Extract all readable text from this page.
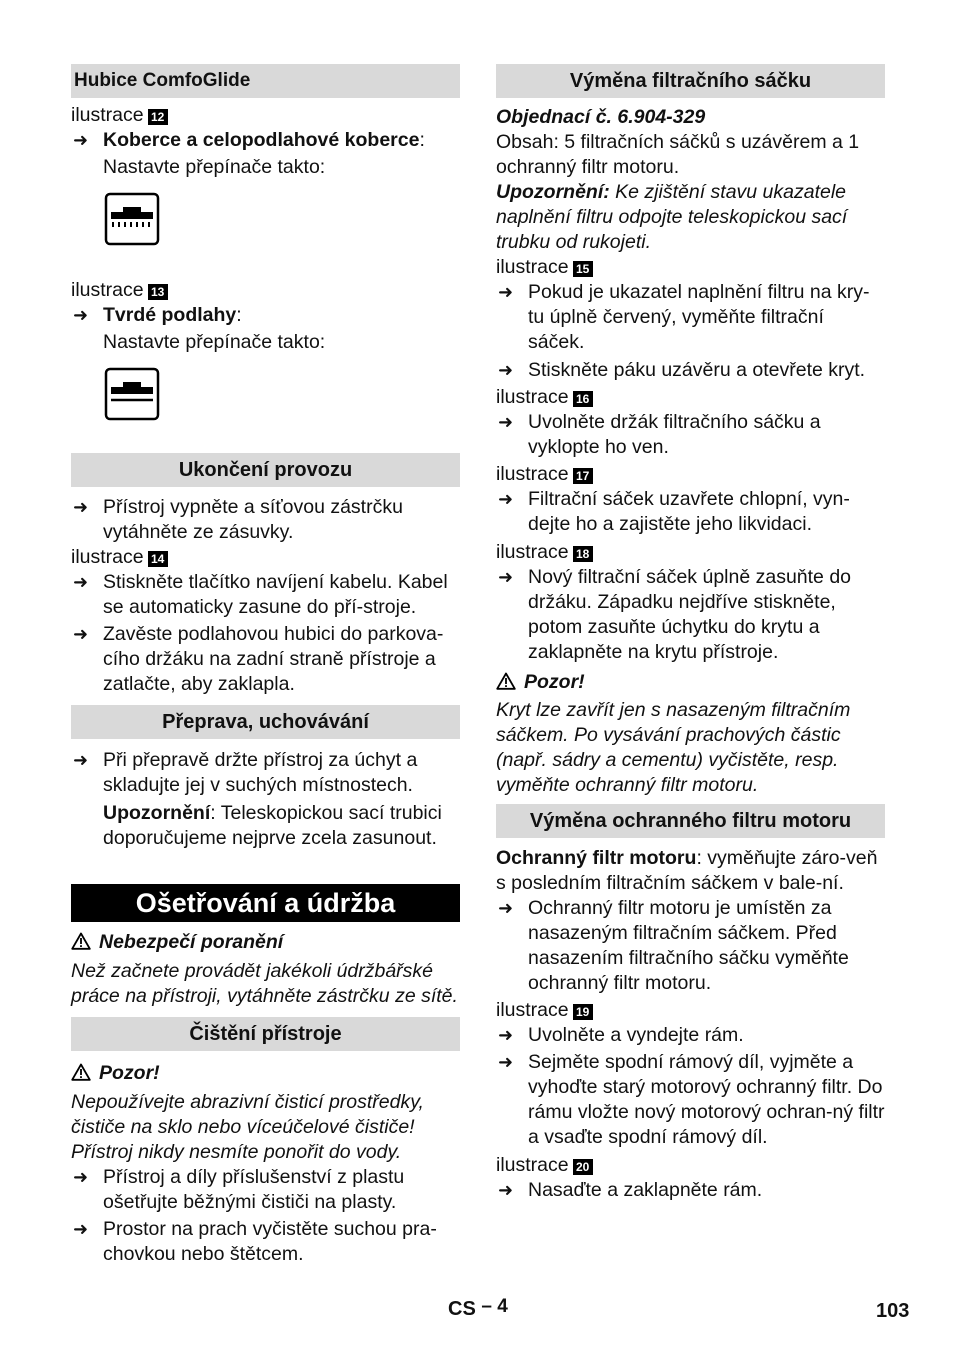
Hubice ComfoGlide

ilustrace 12

➜ Koberce a celopodlahové koberce:

Nastavte přepínače takto:

ilustrace 13

➜ Tvrdé podlahy:

Nastavte přepínače takto:

Ukončení provozu

➜ Přístroj vypněte a síťovou zástrčku vytáhněte ze zásuvky.

ilustrace 14

➜ Stiskněte tlačítko navíjení kabelu. Kabel se automaticky zasune do pří-stroje.

➜ Zavěste podlahovou hubici do parkova-cího držáku na zadní straně přístroje a zatlačte, aby zaklapla.

Přeprava, uchovávání

➜ Při přepravě držte přístroj za úchyt a skladujte jej v suchých místnostech.

Upozornění: Teleskopickou sací trubici doporučujeme nejprve zcela zasunout.

Ošetřování a údržba

Nebezpečí poranění

Než začnete provádět jakékoli údržbářské práce na přístroji, vytáhněte zástrčku ze sítě.

Čištění přístroje

Pozor!

Nepoužívejte abrazivní čisticí prostředky, čističe na sklo nebo víceúčelové čističe! Přístroj nikdy nesmíte ponořit do vody.

➜ Přístroj a díly příslušenství z plastu ošetřujte běžnými čističi na plasty.

➜ Prostor na prach vyčistěte suchou pra-chovkou nebo štětcem.

Výměna filtračního sáčku

Objednací č. 6.904-329

Obsah: 5 filtračních sáčků s uzávěrem a 1 ochranný filtr motoru.

Upozornění: Ke zjištění stavu ukazatele naplnění filtru odpojte teleskopickou sací trubku od rukojeti.

ilustrace 15

➜ Pokud je ukazatel naplnění filtru na kry-tu úplně červený, vyměňte filtrační sáček.

➜ Stiskněte páku uzávěru a otevřete kryt.

ilustrace 16

➜ Uvolněte držák filtračního sáčku a vyklopte ho ven.

ilustrace 17

➜ Filtrační sáček uzavřete chlopní, vyn-dejte ho a zajistěte jeho likvidaci.

ilustrace 18

➜ Nový filtrační sáček úplně zasuňte do držáku. Západku nejdříve stiskněte, potom zasuňte úchytku do krytu a zaklapněte na krytu přístroje.

Pozor!

Kryt lze zavřít jen s nasazeným filtračním sáčkem. Po vysávání prachových částic (např. sádry a cementu) vyčistěte, resp. vyměňte ochranný filtr motoru.

Výměna ochranného filtru motoru

Ochranný filtr motoru: vyměňujte záro-veň s posledním filtračním sáčkem v bale-ní.

➜ Ochranný filtr motoru je umístěn za nasazeným filtračním sáčkem. Před nasazením filtračního sáčku vyměňte ochranný filtr motoru.

ilustrace 19

➜ Uvolněte a vyndejte rám.

➜ Sejměte spodní rámový díl, vyjměte a vyhoďte starý motorový ochranný filtr. Do rámu vložte nový motorový ochran-ný filtr a vsaďte spodní rámový díl.

ilustrace 20

➜ Nasaďte a zaklapněte rám.

CS – 4	103
